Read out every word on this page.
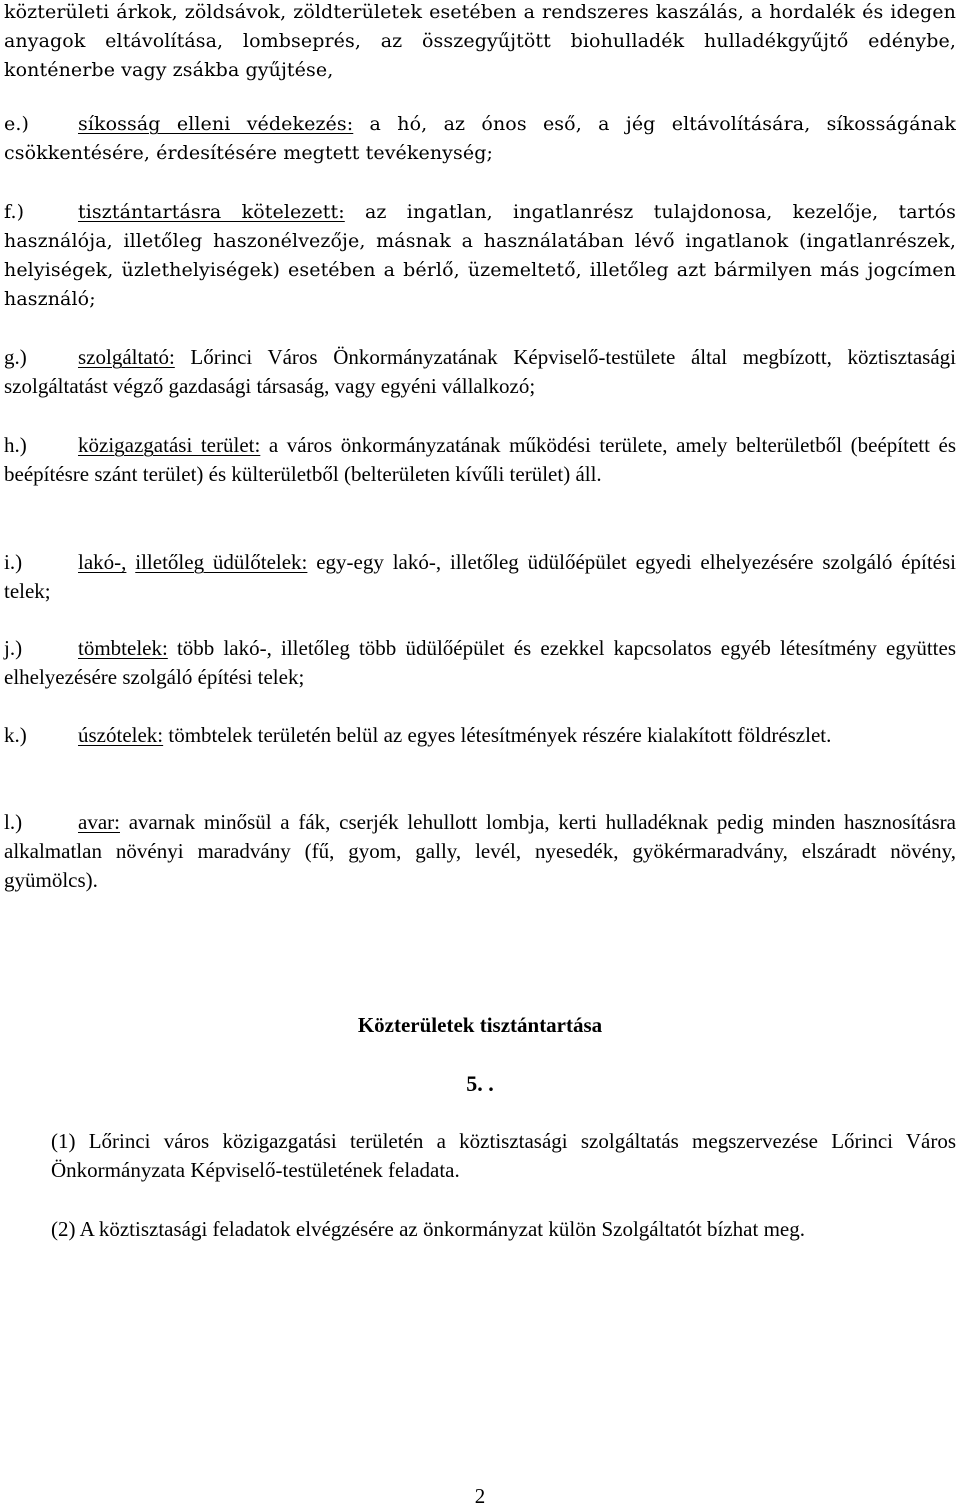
közterületi árkok, zöldsávok, zöldterületek esetében a rendszeres kaszálás, a hordalék és idegen anyagok eltávolítása, lombseprés, az összegyűjtött biohulladék hulladékgyűjtő edénybe, konténerbe vagy zsákba gyűjtése,

e.)	síkosság elleni védekezés: a hó, az ónos eső, a jég eltávolítására, síkosságának csökkentésére, érdesítésére megtett tevékenység;

f.)	tisztántartásra kötelezett: az ingatlan, ingatlanrész tulajdonosa, kezelője, tartós használója, illetőleg haszonélvezője, másnak a használatában lévő ingatlanok (ingatlanrészek, helyiségek, üzlethelyiségek) esetében a bérlő, üzemeltető, illetőleg azt bármilyen más jogcímen használó;

g.) szolgáltató: Lőrinci Város Önkormányzatának Képviselő-testülete által megbízott, köztisztasági szolgáltatást végző gazdasági társaság, vagy egyéni vállalkozó;

h.) közigazgatási terület: a város önkormányzatának működési területe, amely belterületből (beépített és beépítésre szánt terület) és külterületből (belterületen kívűli terület) áll.

i.)	lakó-, illetőleg üdülőtelek: egy-egy lakó-, illetőleg üdülőépület egyedi elhelyezésére szolgáló építési telek;

j.)	tömbtelek: több lakó-, illetőleg több üdülőépület és ezekkel kapcsolatos egyéb létesítmény együttes elhelyezésére szolgáló építési telek;

k.) úszótelek: tömbtelek területén belül az egyes létesítmények részére kialakított földrészlet.

l.)	avar: avarnak minősül a fák, cserjék lehullott lombja, kerti hulladéknak pedig minden hasznosításra alkalmatlan növényi maradvány (fű, gyom, gally, levél, nyesedék, gyökérmaradvány, elszáradt növény, gyümölcs).

Közterületek tisztántartása
5. .

(1) Lőrinci város közigazgatási területén a köztisztasági szolgáltatás megszervezése Lőrinci Város Önkormányzata Képviselő-testületének feladata.

(2) A köztisztasági feladatok elvégzésére az önkormányzat külön Szolgáltatót bízhat meg.

2
